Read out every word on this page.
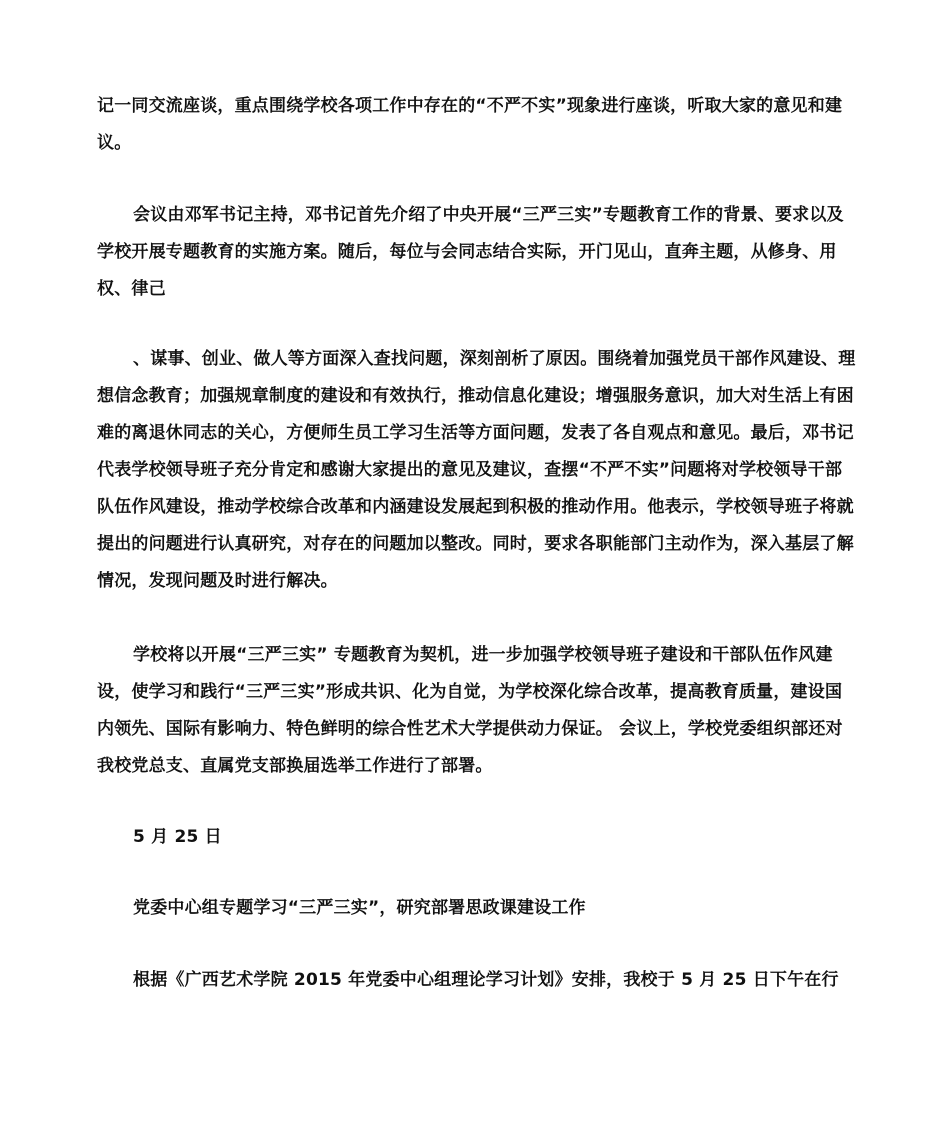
记一同交流座谈，重点围绕学校各项工作中存在的“不严不实”现象进行座谈，听取大家的意见和建议。

会议由邓军书记主持，邓书记首先介绍了中央开展“三严三实”专题教育工作的背景、要求以及学校开展专题教育的实施方案。随后，每位与会同志结合实际，开门见山，直奔主题，从修身、用权、律己

、谋事、创业、做人等方面深入查找问题，深刻剖析了原因。围绕着加强党员干部作风建设、理想信念教育；加强规章制度的建设和有效执行，推动信息化建设；增强服务意识，加大对生活上有困难的离退休同志的关心，方便师生员工学习生活等方面问题，发表了各自观点和意见。最后，邓书记代表学校领导班子充分肯定和感谢大家提出的意见及建议，查摆“不严不实”问题将对学校领导干部队伍作风建设，推动学校综合改革和内涵建设发展起到积极的推动作用。他表示，学校领导班子将就提出的问题进行认真研究，对存在的问题加以整改。同时，要求各职能部门主动作为，深入基层了解情况，发现问题及时进行解决。

学校将以开展“三严三实” 专题教育为契机，进一步加强学校领导班子建设和干部队伍作风建设，使学习和践行“三严三实”形成共识、化为自觉，为学校深化综合改革，提高教育质量，建设国内领先、国际有影响力、特色鲜明的综合性艺术大学提供动力保证。 会议上，学校党委组织部还对我校党总支、直属党支部换届选举工作进行了部署。

5 月 25 日

党委中心组专题学习“三严三实”，研究部署思政课建设工作

根据《广西艺术学院 2015 年党委中心组理论学习计划》安排，我校于 5 月 25 日下午在行
